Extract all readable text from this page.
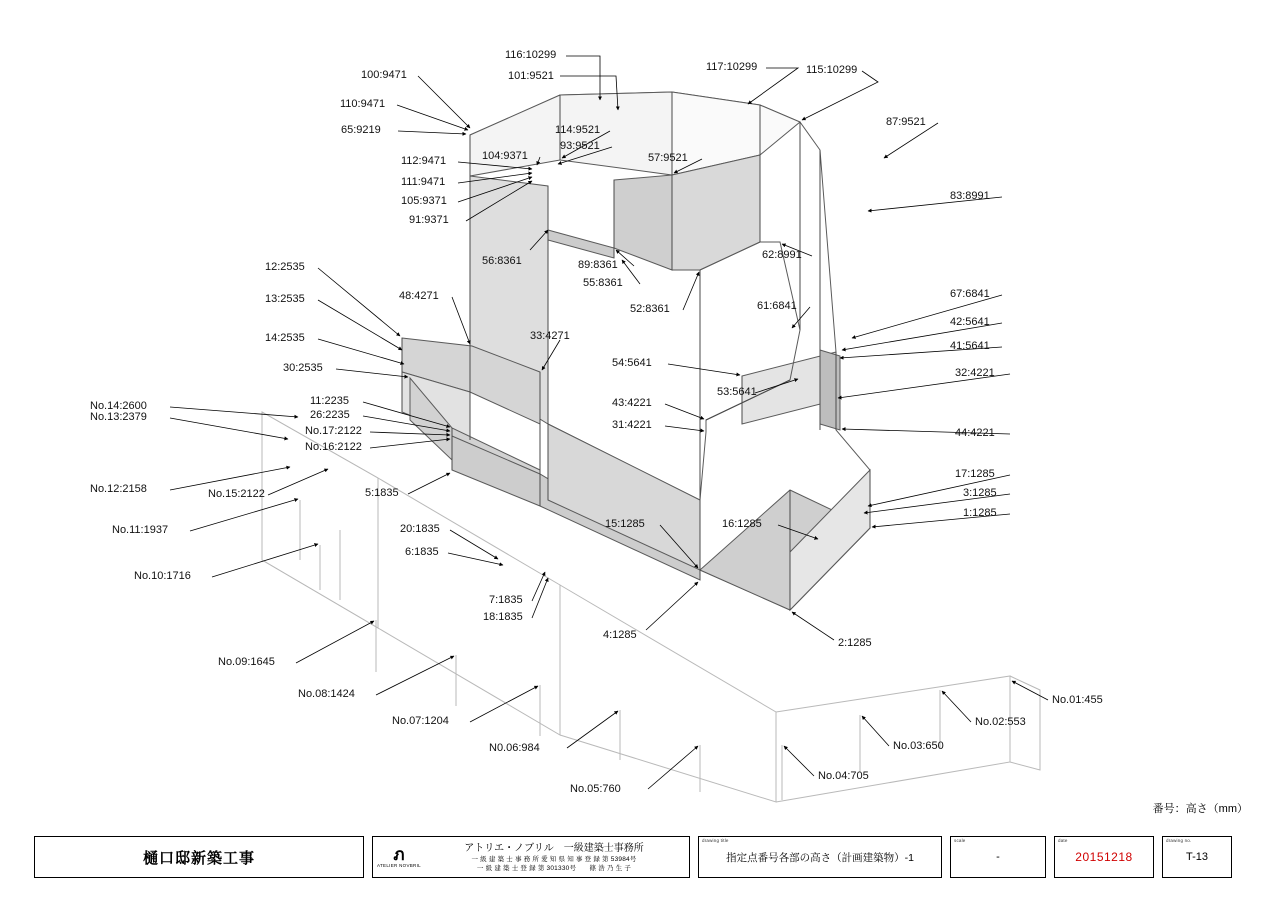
116:10299
101:9521
117:10299	115:10299
100:9471
110:9471
87:9521
65:9219	114:9521
93:9521
104:9371	57:9521
112:9471
111:9471
83:8991
105:9371
91:9371
56:8361	89:8361
62:8991
55:8361
12:2535
48:4271
52:8361	61:6841
67:6841
13:2535
42:5641
41:5641
14:2535	33:4271
54:5641
30:2535	32:4221
11:2235
No.14:2600	43:4221
53:5641
26:2235
No.17:2122	31:4221
44:4221
No.13:2379
No.16:2122
No.12:2158	No.15:2122
17:1285
3:1285
5:1835
No.11:1937
1:1285
15:1285	16:1285
20:1835
6:1835
No.10:1716
7:1835
18:1835
4:1285
2:1285
No.09:1645
No.01:455
No.08:1424
No.02:553
No.07:1204
No.03:650
N0.06:984
No.04:705
No.05:760
番号：高さ（mm）
樋口邸新築工事	ภ
ATELIER NOVBRIL
アトリエ・ノブリル　一級建築士事務所
一 級 建 築 士 事 務 所 愛 知 県 知 事 登 録 第 53984号
一 級 建 築 士 登 録 第 301330号　　篠 浩 乃 生 子
drawing title
指定点番号各部の高さ（計画建築物）-1
scale
-
date
20151218
drawing no.
T-13
